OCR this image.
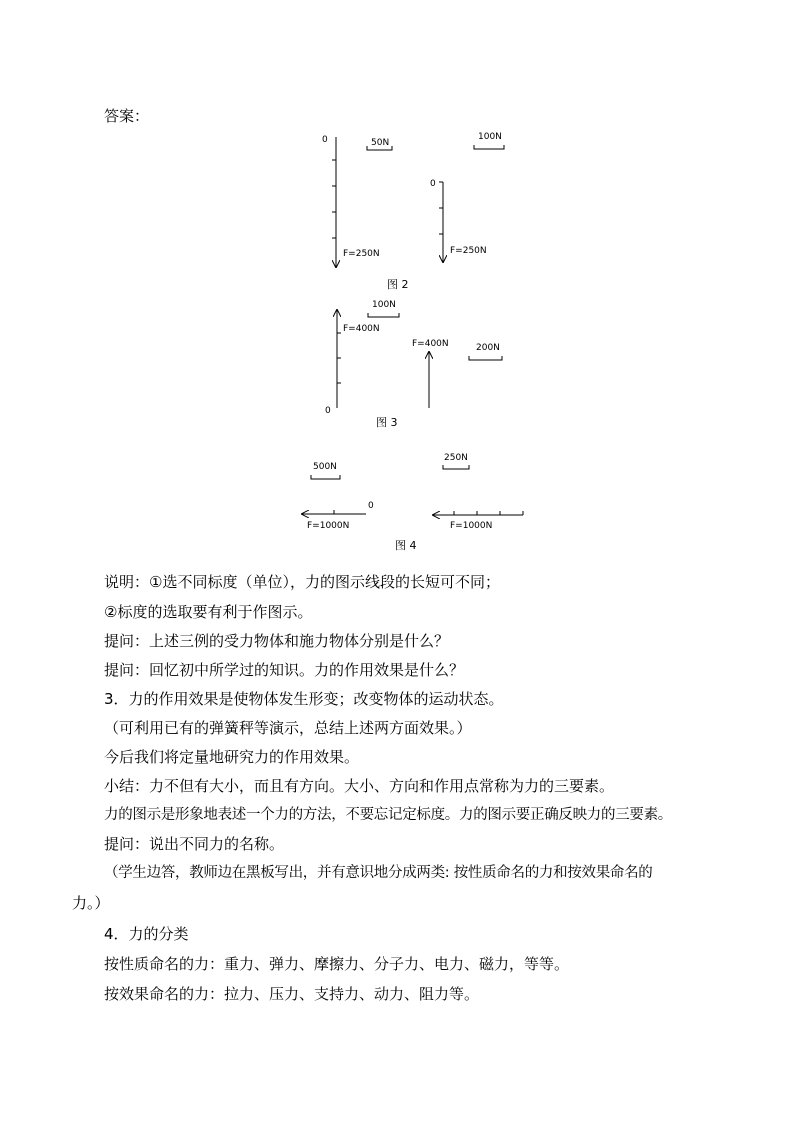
答案：
0
F=250N
50N
100N
0
F=250N
图 2
100N
F=400N
0
F=400N	200N
图 3
500N
0
F=1000N
250N
F=1000N
图 4
说明：①选不同标度（单位），力的图示线段的长短可不同；
②标度的选取要有利于作图示。
提问：上述三例的受力物体和施力物体分别是什么？
提问：回忆初中所学过的知识。力的作用效果是什么？
3．力的作用效果是使物体发生形变；改变物体的运动状态。
（可利用已有的弹簧秤等演示，总结上述两方面效果。）
今后我们将定量地研究力的作用效果。
小结：力不但有大小，而且有方向。大小、方向和作用点常称为力的三要素。
力的图示是形象地表述一个力的方法，不要忘记定标度。力的图示要正确反映力的三要素。
提问：说出不同力的名称。
（学生边答，教师边在黑板写出，并有意识地分成两类: 按性质命名的力和按效果命名的
力。）
4．力的分类
按性质命名的力：重力、弹力、摩擦力、分子力、电力、磁力，等等。
按效果命名的力：拉力、压力、支持力、动力、阻力等。
